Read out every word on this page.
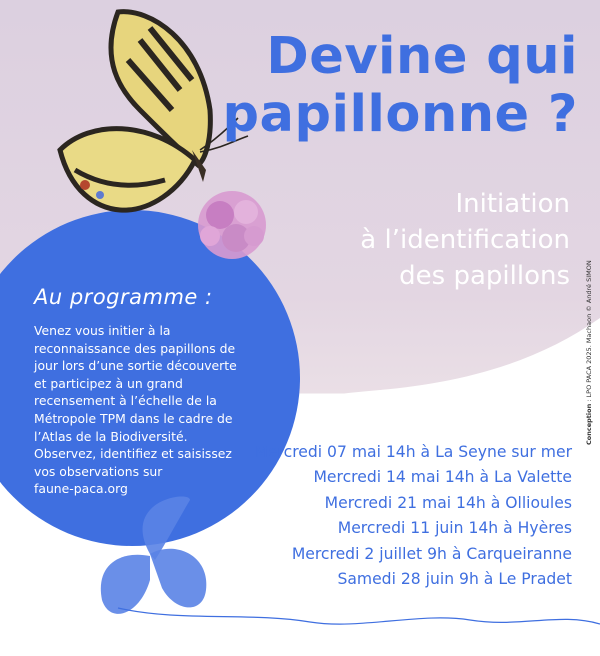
Devine qui
papillonne ?
Initiation
à l’identification
des papillons
Au programme :
Venez vous initier à la
reconnaissance des papillons de
jour lors d’une sortie découverte
et participez à un grand
recensement à l’échelle de la
Métropole TPM dans le cadre de
l’Atlas de la Biodiversité.
Observez, identifiez et saisissez
vos observations sur
faune-paca.org
Mercredi 07 mai 14h à La Seyne sur mer
Mercredi 14 mai 14h à La Valette
Mercredi 21 mai 14h à Ollioules
Mercredi 11 juin 14h à Hyères
Mercredi 2 juillet 9h à Carqueiranne
Samedi 28 juin 9h à Le Pradet
Conception : LPO PACA 2025. Machaon © André SIMON
